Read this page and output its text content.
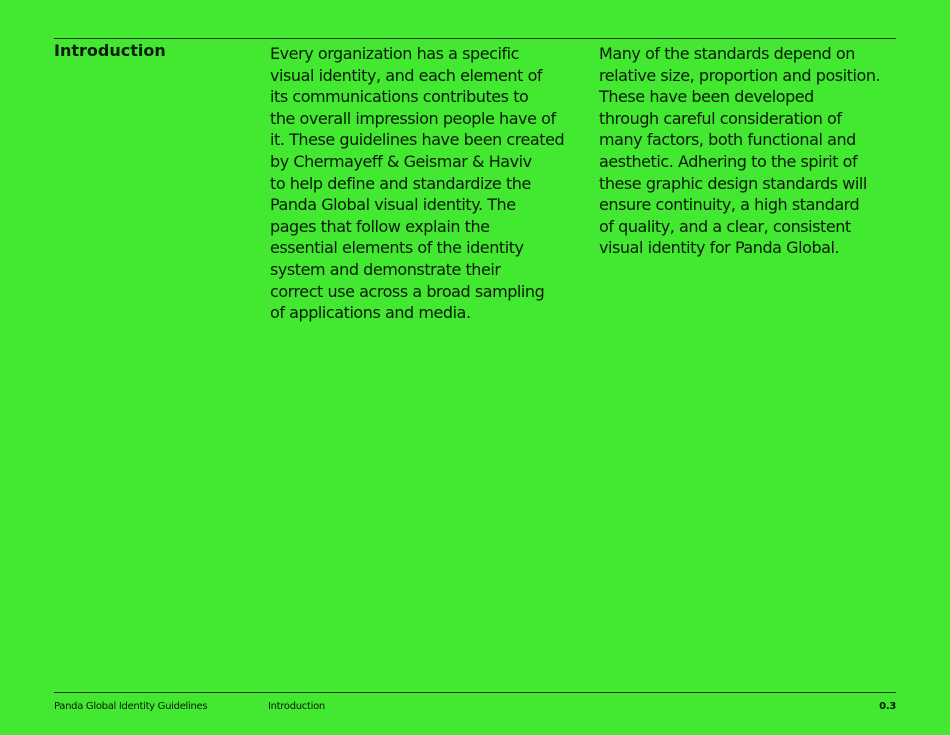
Introduction	Every organization has a specific
visual identity, and each element of
its communications contributes to
the overall impression people have of
it. These guidelines have been created
by Chermayeff & Geismar & Haviv
to help define and standardize the
Panda Global visual identity. The
pages that follow explain the
essential elements of the identity
system and demonstrate their
correct use across a broad sampling
of applications and media.

Many of the standards depend on
relative size, proportion and position.
These have been developed
through careful consideration of
many factors, both functional and
aesthetic. Adhering to the spirit of
these graphic design standards will
ensure continuity, a high standard
of quality, and a clear, consistent
visual identity for Panda Global.

Panda Global Identity Guidelines	Introduction	0.3
